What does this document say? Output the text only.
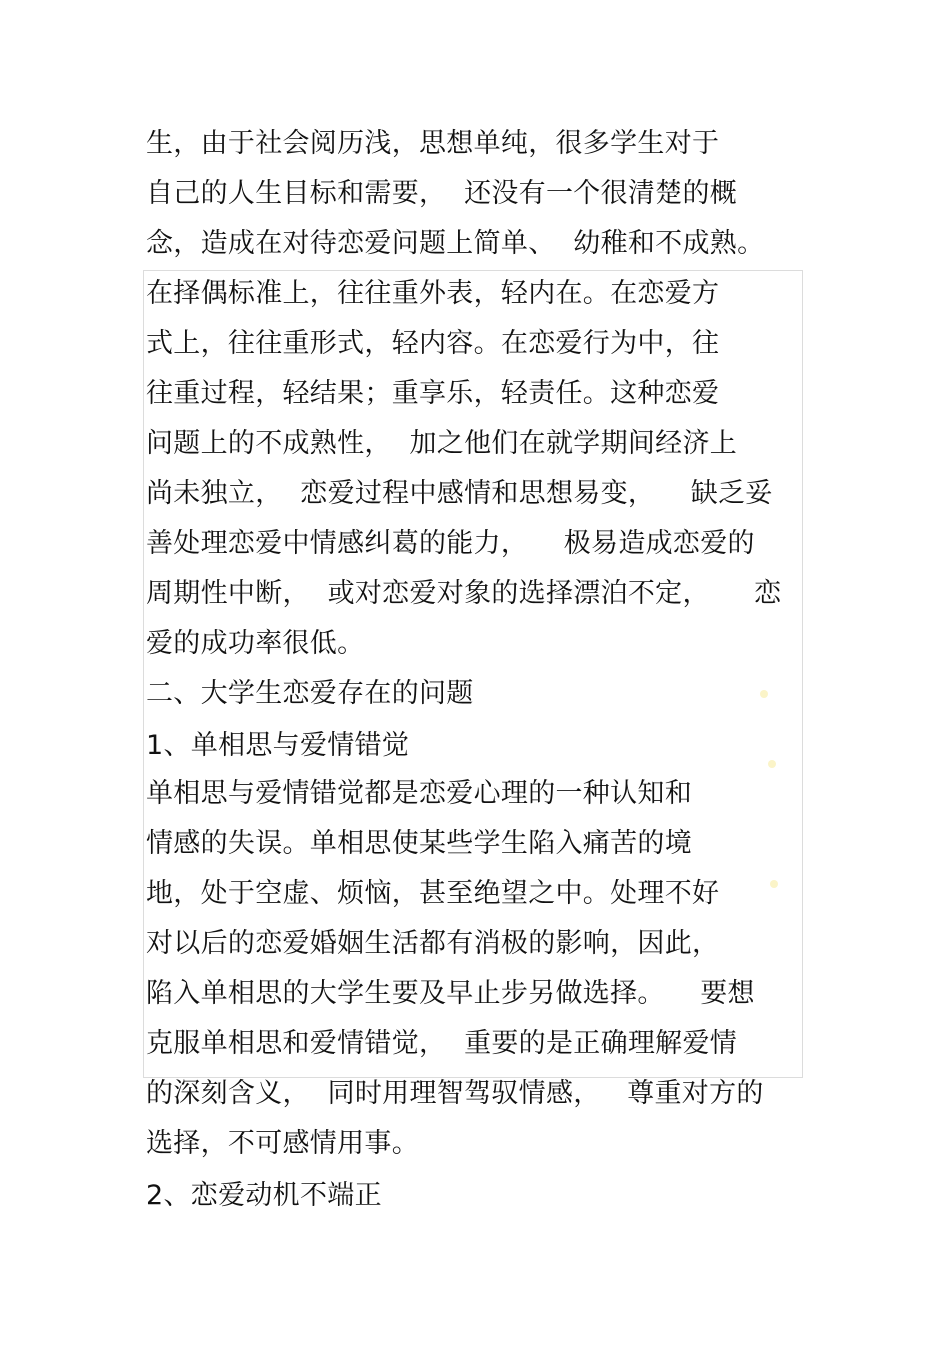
生，由于社会阅历浅，思想单纯，很多学生对于
自己的人生目标和需要，  还没有一个很清楚的概
念，造成在对待恋爱问题上简单、  幼稚和不成熟。
在择偶标准上，往往重外表，轻内在。在恋爱方
式上，往往重形式，轻内容。在恋爱行为中，往
往重过程，轻结果；重享乐，轻责任。这种恋爱
问题上的不成熟性，  加之他们在就学期间经济上
尚未独立，  恋爱过程中感情和思想易变，    缺乏妥
善处理恋爱中情感纠葛的能力，    极易造成恋爱的
周期性中断，  或对恋爱对象的选择漂泊不定，     恋
爱的成功率很低。
二、大学生恋爱存在的问题
1、单相思与爱情错觉
单相思与爱情错觉都是恋爱心理的一种认知和
情感的失误。单相思使某些学生陷入痛苦的境
地，处于空虚、烦恼，甚至绝望之中。处理不好
对以后的恋爱婚姻生活都有消极的影响，因此，
陷入单相思的大学生要及早止步另做选择。    要想
克服单相思和爱情错觉，  重要的是正确理解爱情
的深刻含义，  同时用理智驾驭情感，   尊重对方的
选择，不可感情用事。
2、恋爱动机不端正
